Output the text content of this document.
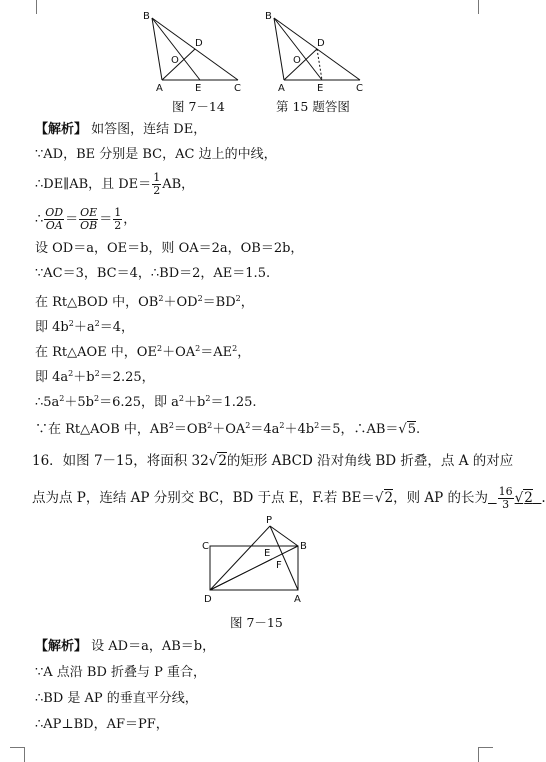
B
D
O
A	E	C
B
D
O
A	E	C
图 7－14	第 15 题答图
【解析】 如答图，连结 DE，
∵AD，BE 分别是 BC，AC 边上的中线，
∴DE∥AB，且 $DE= \frac{1}{2}$ AB，
∴ $\frac{OD}{OA} = \frac{OE}{OB} = \frac{1}{2}$ ，
设 OD＝a，OE＝b，则 OA＝2a，OB＝2b，
∵AC＝3，BC＝4，∴BD＝2，AE＝1.5.
在 Rt△BOD 中，$OB^2+OD^2=BD^2$，
即 $4b^2+a^2=4$，
在 Rt△AOE 中，$OE^2+OA^2=AE^2$，
即 $4a^2+b^2=2.25$，
$\therefore 5a^2+5b^2=6.25$，即 $a^2+b^2=1.25$.
∵在 Rt△AOB 中，$AB^2=OB^2+OA^2=4a^2+4b^2=5$，∴AB＝√5.
16．如图 7－15，将面积 32√2的矩形 ABCD 沿对角线 BD 折叠，点 A 的对应
点为点 P，连结 AP 分别交 BC，BD 于点 E，F.若 BE＝√2，则 AP 的长为 $\frac{16}{3} √2$ .
P
C
E
B
F
D	A
图 7－15
【解析】 设 AD＝a，AB＝b，
∵A 点沿 BD 折叠与 P 重合，
∴BD 是 AP 的垂直平分线，
∴AP⊥BD，AF＝PF，
